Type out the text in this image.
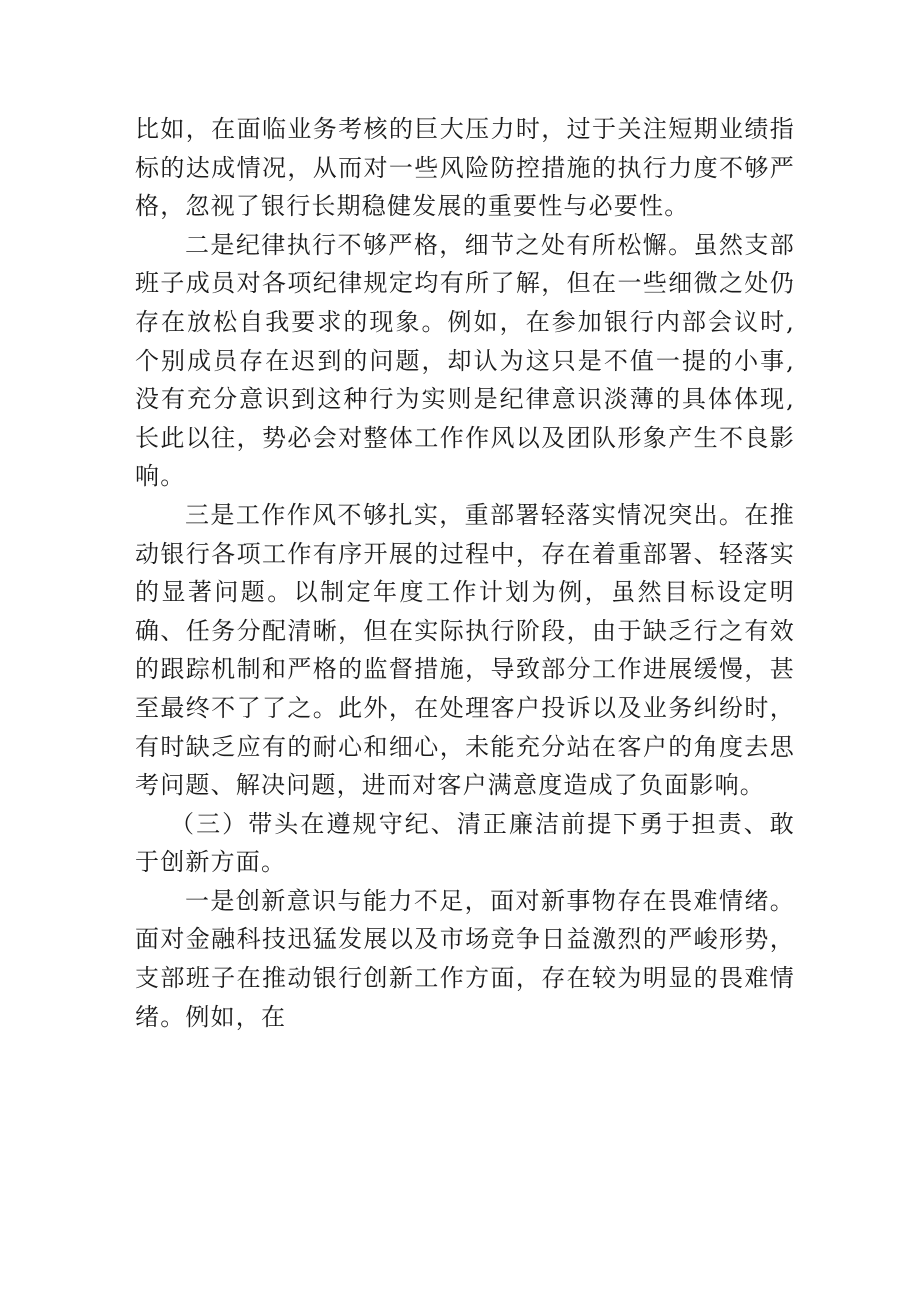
比如，在面临业务考核的巨大压力时，过于关注短期业绩指标的达成情况，从而对一些风险防控措施的执行力度不够严格，忽视了银行长期稳健发展的重要性与必要性。

二是纪律执行不够严格，细节之处有所松懈。虽然支部班子成员对各项纪律规定均有所了解，但在一些细微之处仍存在放松自我要求的现象。例如，在参加银行内部会议时,个别成员存在迟到的问题，却认为这只是不值一提的小事,没有充分意识到这种行为实则是纪律意识淡薄的具体体现,长此以往，势必会对整体工作作风以及团队形象产生不良影响。

三是工作作风不够扎实，重部署轻落实情况突出。在推动银行各项工作有序开展的过程中，存在着重部署、轻落实的显著问题。以制定年度工作计划为例，虽然目标设定明确、任务分配清晰，但在实际执行阶段，由于缺乏行之有效的跟踪机制和严格的监督措施，导致部分工作进展缓慢，甚至最终不了了之。此外，在处理客户投诉以及业务纠纷时，有时缺乏应有的耐心和细心，未能充分站在客户的角度去思考问题、解决问题，进而对客户满意度造成了负面影响。

（三）带头在遵规守纪、清正廉洁前提下勇于担责、敢于创新方面。

一是创新意识与能力不足，面对新事物存在畏难情绪。面对金融科技迅猛发展以及市场竞争日益激烈的严峻形势，支部班子在推动银行创新工作方面，存在较为明显的畏难情绪。例如，在
